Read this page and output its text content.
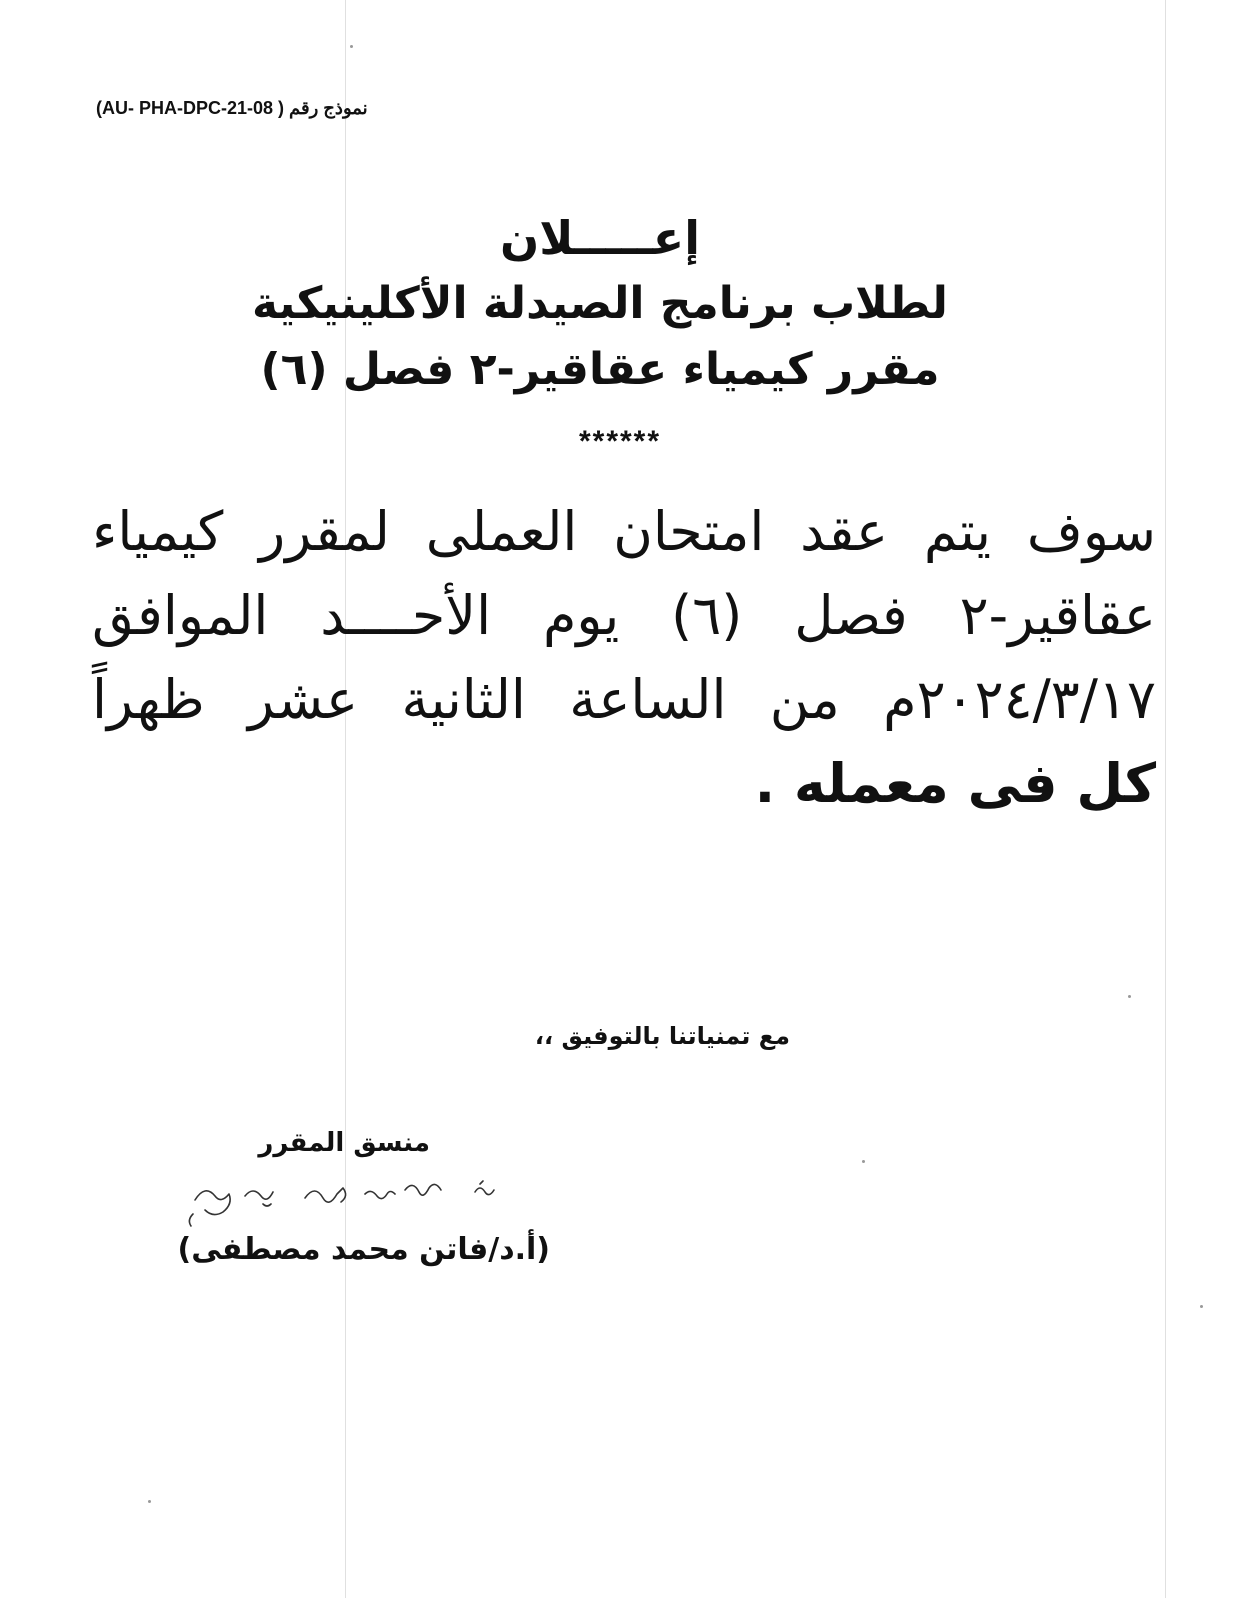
نموذج رقم ( AU- PHA-DPC-21-08)
إعـــــلان
لطلاب برنامج الصيدلة الأكلينيكية
مقرر كيمياء عقاقير-٢ فصل (٦)
******
سوف يتم عقد امتحان العملى لمقرر كيمياء
عقاقير-٢ فصل (٦) يوم الأحــــد الموافق
٢٠٢٤/٣/١٧م من الساعة الثانية عشر ظهراً
كل فى معمله .
مع تمنياتنا بالتوفيق ،،
منسق المقرر
(أ.د/فاتن محمد مصطفى)
